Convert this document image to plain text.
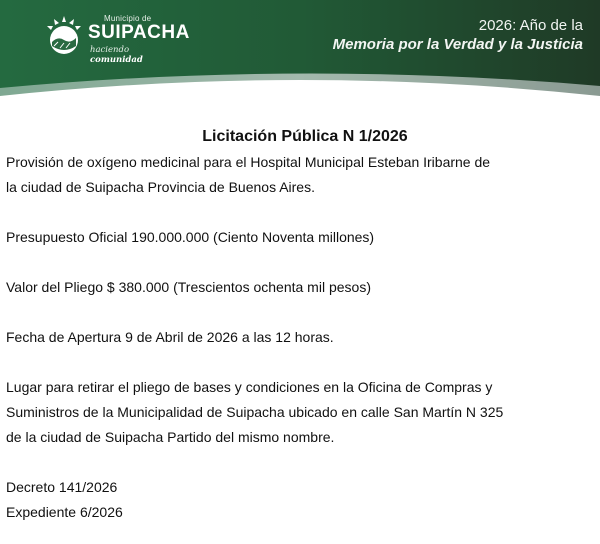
Municipio de
SUIPACHA
haciendo comunidad
2026: Año de la
Memoria por la Verdad y la Justicia
Licitación Pública N 1/2026

Provisión de oxígeno medicinal para el Hospital Municipal Esteban Iribarne de

la ciudad de Suipacha Provincia de Buenos Aires.

Presupuesto Oficial 190.000.000 (Ciento Noventa millones)

Valor del Pliego $ 380.000 (Trescientos ochenta mil pesos)

Fecha de Apertura 9 de Abril de 2026 a las 12 horas.

Lugar para retirar el pliego de bases y condiciones en la Oficina de Compras y

Suministros de la Municipalidad de Suipacha ubicado en calle San Martín N 325

de la ciudad de Suipacha Partido del mismo nombre.

Decreto 141/2026

Expediente 6/2026
